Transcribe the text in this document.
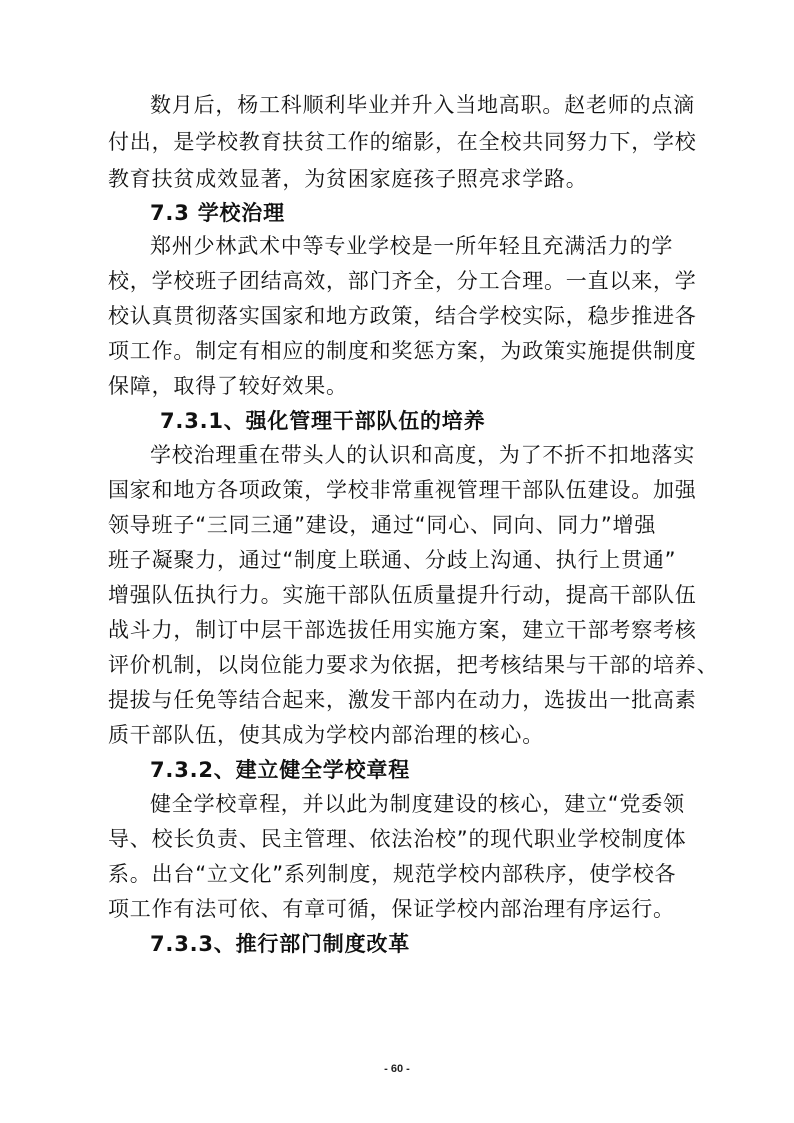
数月后，杨工科顺利毕业并升入当地高职。赵老师的点滴
付出，是学校教育扶贫工作的缩影，在全校共同努力下，学校
教育扶贫成效显著，为贫困家庭孩子照亮求学路。
7.3 学校治理
郑州少林武术中等专业学校是一所年轻且充满活力的学
校，学校班子团结高效，部门齐全，分工合理。一直以来，学
校认真贯彻落实国家和地方政策，结合学校实际，稳步推进各
项工作。制定有相应的制度和奖惩方案，为政策实施提供制度
保障，取得了较好效果。
7.3.1、强化管理干部队伍的培养
学校治理重在带头人的认识和高度，为了不折不扣地落实
国家和地方各项政策，学校非常重视管理干部队伍建设。加强
领导班子“三同三通”建设，通过“同心、同向、同力”增强
班子凝聚力，通过“制度上联通、分歧上沟通、执行上贯通”
增强队伍执行力。实施干部队伍质量提升行动，提高干部队伍
战斗力，制订中层干部选拔任用实施方案，建立干部考察考核
评价机制，以岗位能力要求为依据，把考核结果与干部的培养、
提拔与任免等结合起来，激发干部内在动力，选拔出一批高素
质干部队伍，使其成为学校内部治理的核心。
7.3.2、建立健全学校章程
健全学校章程，并以此为制度建设的核心，建立“党委领
导、校长负责、民主管理、依法治校”的现代职业学校制度体
系。出台“立文化”系列制度，规范学校内部秩序，使学校各
项工作有法可依、有章可循，保证学校内部治理有序运行。
7.3.3、推行部门制度改革
- 60 -
